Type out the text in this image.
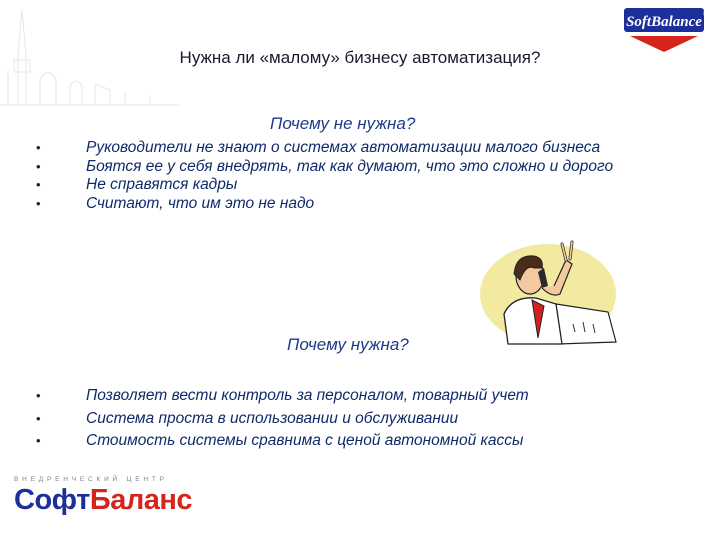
SoftBalance ®
Нужна ли «малому» бизнесу автоматизация?
Почему не нужна?
•	Руководители не знают о системах автоматизации малого бизнеса
•	Боятся ее у себя внедрять, так как думают, что это сложно и дорого
•	Не справятся кадры
•	Считают, что им это не надо
Почему нужна?
•	Позволяет вести контроль за персоналом, товарный учет
•	Система проста в использовании и обслуживании
•	Стоимость системы сравнима с ценой автономной кассы
ВНЕДРЕНЧЕСКИЙ ЦЕНТР
СофтБаланс
